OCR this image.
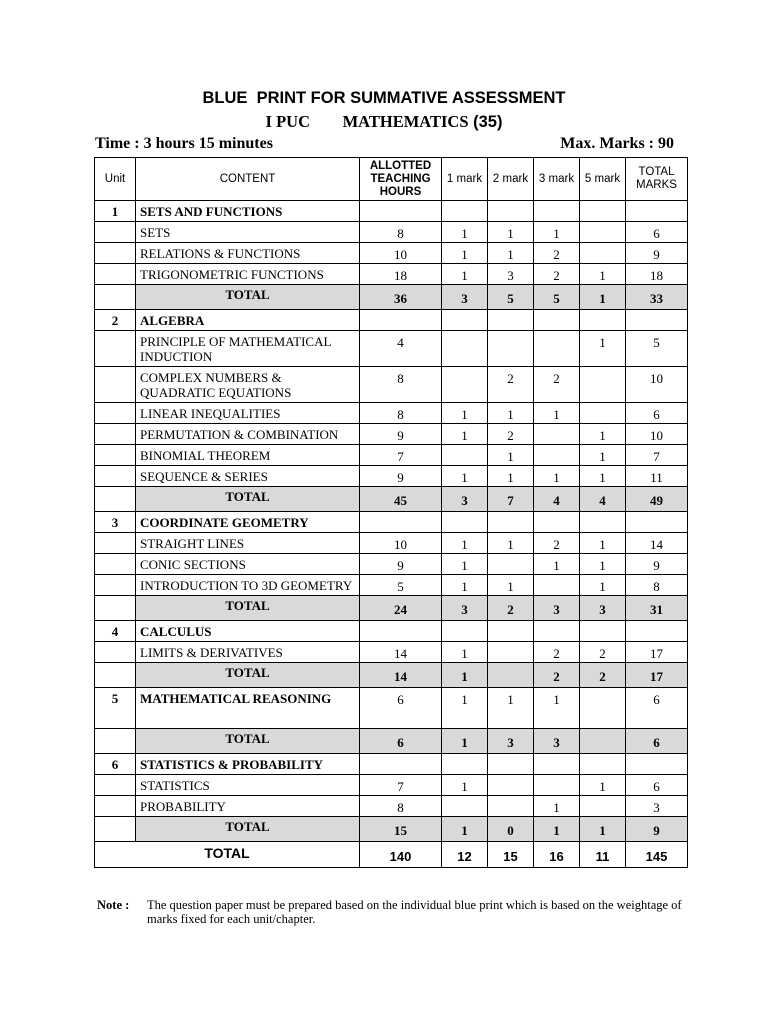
BLUE  PRINT FOR SUMMATIVE ASSESSMENT
I PUC MATHEMATICS (35)
Time : 3 hours 15 minutes	Max. Marks : 90
Unit	CONTENT	ALLOTTED TEACHING HOURS	1 mark	2 mark	3 mark	5 mark	TOTAL MARKS
1	SETS AND FUNCTIONS						
	SETS	8	1	1	1		6
	RELATIONS & FUNCTIONS	10	1	1	2		9
	TRIGONOMETRIC FUNCTIONS	18	1	3	2	1	18
	TOTAL	36	3	5	5	1	33
2	ALGEBRA						
	PRINCIPLE OF MATHEMATICAL INDUCTION	4				1	5
	COMPLEX NUMBERS & QUADRATIC EQUATIONS	8		2	2		10
	LINEAR INEQUALITIES	8	1	1	1		6
	PERMUTATION & COMBINATION	9	1	2		1	10
	BINOMIAL THEOREM	7		1		1	7
	SEQUENCE & SERIES	9	1	1	1	1	11
	TOTAL	45	3	7	4	4	49
3	COORDINATE GEOMETRY						
	STRAIGHT LINES	10	1	1	2	1	14
	CONIC SECTIONS	9	1		1	1	9
	INTRODUCTION TO 3D GEOMETRY	5	1	1		1	8
	TOTAL	24	3	2	3	3	31
4	CALCULUS						
	LIMITS & DERIVATIVES	14	1		2	2	17
	TOTAL	14	1		2	2	17
5	MATHEMATICAL REASONING	6	1	1	1		6
	TOTAL	6	1	3	3		6
6	STATISTICS & PROBABILITY						
	STATISTICS	7	1			1	6
	PROBABILITY	8			1		3
	TOTAL	15	1	0	1	1	9
TOTAL		140	12	15	16	11	145
Note : The question paper must be prepared based on the individual blue print which is based on the weightage of marks fixed for each unit/chapter.
